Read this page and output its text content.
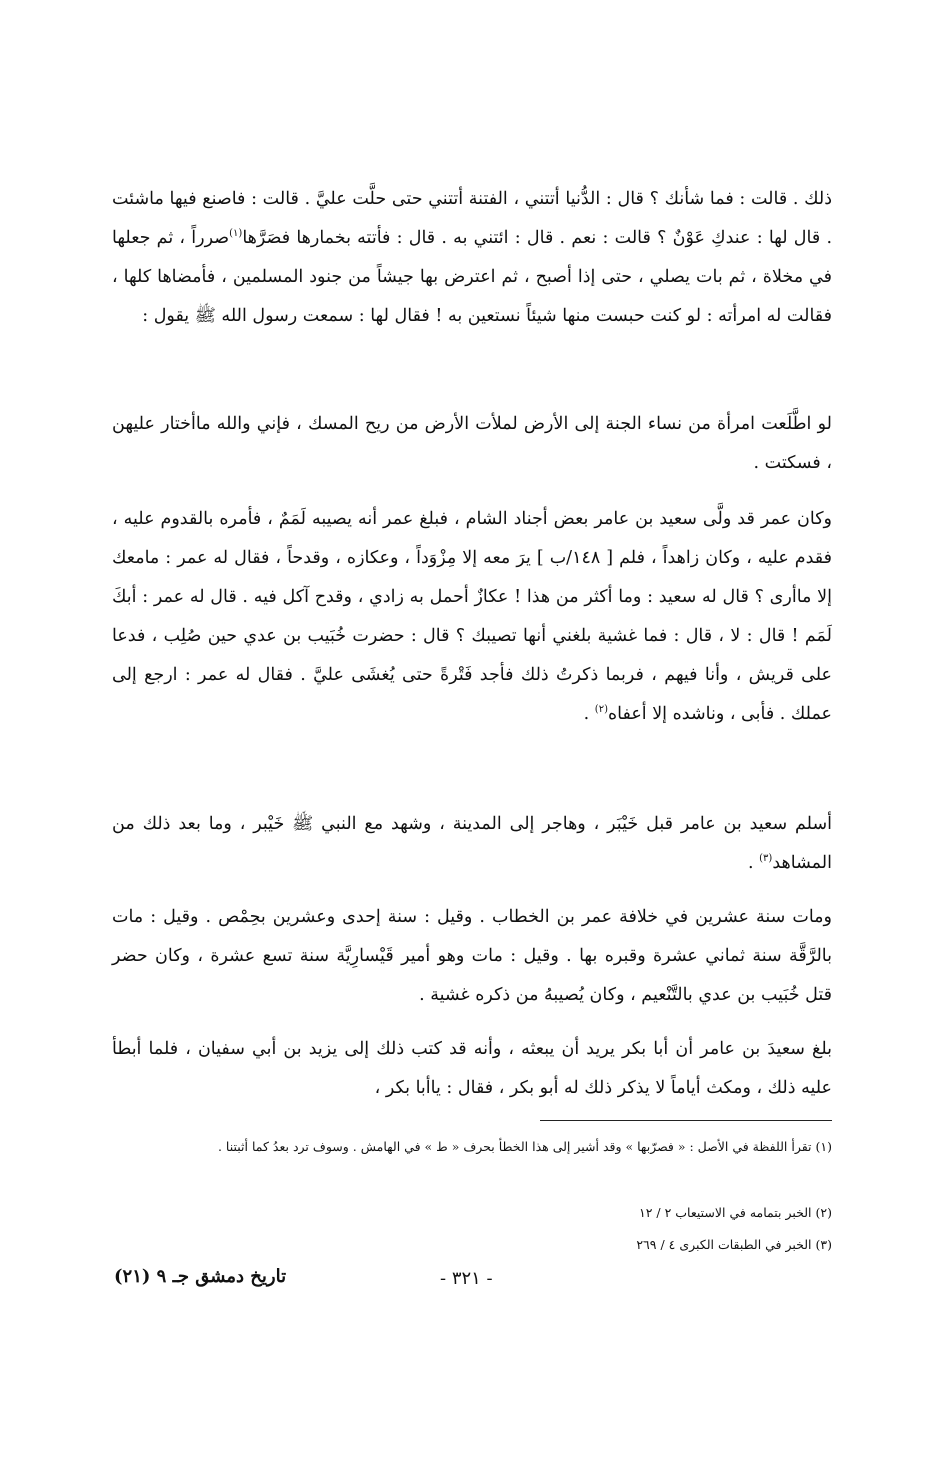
ذلك . قالت : فما شأنك ؟ قال : الدُّنيا أتتني ، الفتنة أتتني حتى حلَّت عليَّ . قالت : فاصنع فيها ماشئت . قال لها : عندكِ عَوْنٌ ؟ قالت : نعم . قال : ائتني به . قال : فأتته بخمارها فصَرَّها$^{(١)}$صرراً ، ثم جعلها في مخلاة ، ثم بات يصلي ، حتى إذا أصبح ، ثم اعترض بها جيشاً من جنود المسلمين ، فأمضاها كلها ، فقالت له امرأته : لو كنت حبست منها شيئاً نستعين به ! فقال لها : سمعت رسول الله ﷺ يقول :

لو اطَّلَعت امرأة من نساء الجنة إلى الأرض لملأت الأرض من ريح المسك ، فإني والله ماأختار عليهن ، فسكتت .

وكان عمر قد ولَّى سعيد بن عامر بعض أجناد الشام ، فبلغ عمر أنه يصيبه لَمَمٌ ، فأمره بالقدوم عليه ، فقدم عليه ، وكان زاهداً ، فلم [ ١٤٨/ب ] يرَ معه إلا مِزْوَداً ، وعكازه ، وقدحاً ، فقال له عمر : مامعك إلا ماأرى ؟ قال له سعيد : وما أكثر من هذا ! عكازٌ أحمل به زادي ، وقدح آكل فيه . قال له عمر : أبكَ لَمَم ! قال : لا ، قال : فما غشية بلغني أنها تصيبك ؟ قال : حضرت خُبَيب بن عدي حين صُلِب ، فدعا على قريش ، وأنا فيهم ، فربما ذكرتُ ذلك فأجد فَتْرةً حتى يُغشَى عليَّ . فقال له عمر : ارجع إلى عملك . فأبى ، وناشده إلا أعفاه$^{(٢)}$ .

أسلم سعيد بن عامر قبل خَيْبَر ، وهاجر إلى المدينة ، وشهد مع النبي ﷺ خَيْبر ، وما بعد ذلك من المشاهد$^{(٣)}$ .

ومات سنة عشرين في خلافة عمر بن الخطاب . وقيل : سنة إحدى وعشرين بحِمْص . وقيل : مات بالرَّقَّة سنة ثماني عشرة وقبره بها . وقيل : مات وهو أمير قَيْسارِيَّة سنة تسع عشرة ، وكان حضر قتل خُبَيب بن عدي بالتَّنْعيم ، وكان يُصيبهُ من ذكره غشية .

بلغ سعيدَ بن عامر أن أبا بكر يريد أن يبعثه ، وأنه قد كتب ذلك إلى يزيد بن أبي سفيان ، فلما أبطأ عليه ذلك ، ومكث أياماً لا يذكر ذلك له أبو بكر ، فقال : ياأبا بكر ،

(١) تقرأ اللفظة في الأصل : « فصرّبها » وقد أشير إلى هذا الخطأ بحرف « ط » في الهامش . وسوف ترد بعدُ كما أثبتنا .

(٢) الخبر بتمامه في الاستيعاب ٢ / ١٢

(٣) الخبر في الطبقات الكبرى ٤ / ٢٦٩

- ٣٢١ -
تاريخ دمشق جـ ٩ (٢١)
